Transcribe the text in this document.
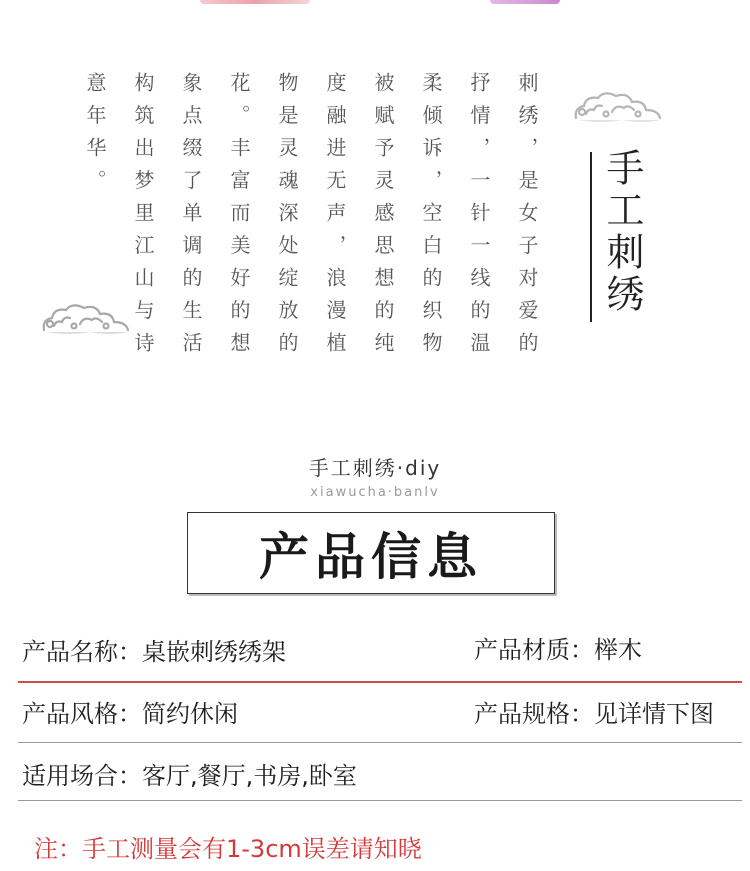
刺绣，是女子对爱的
抒情，一针一线的温
柔倾诉，空白的织物
被赋予灵感思想的纯
度融进无声，浪漫植
物是灵魂深处绽放的
花。丰富而美好的想
象点缀了单调的生活
构筑出梦里江山与诗
意年华。
手工刺绣
手工刺绣·diy
xiawucha·banlv
产品信息
产品名称：桌嵌刺绣绣架	产品材质：榉木
产品风格：简约休闲	产品规格：见详情下图
适用场合：客厅,餐厅,书房,卧室
注：手工测量会有1-3cm误差请知晓
